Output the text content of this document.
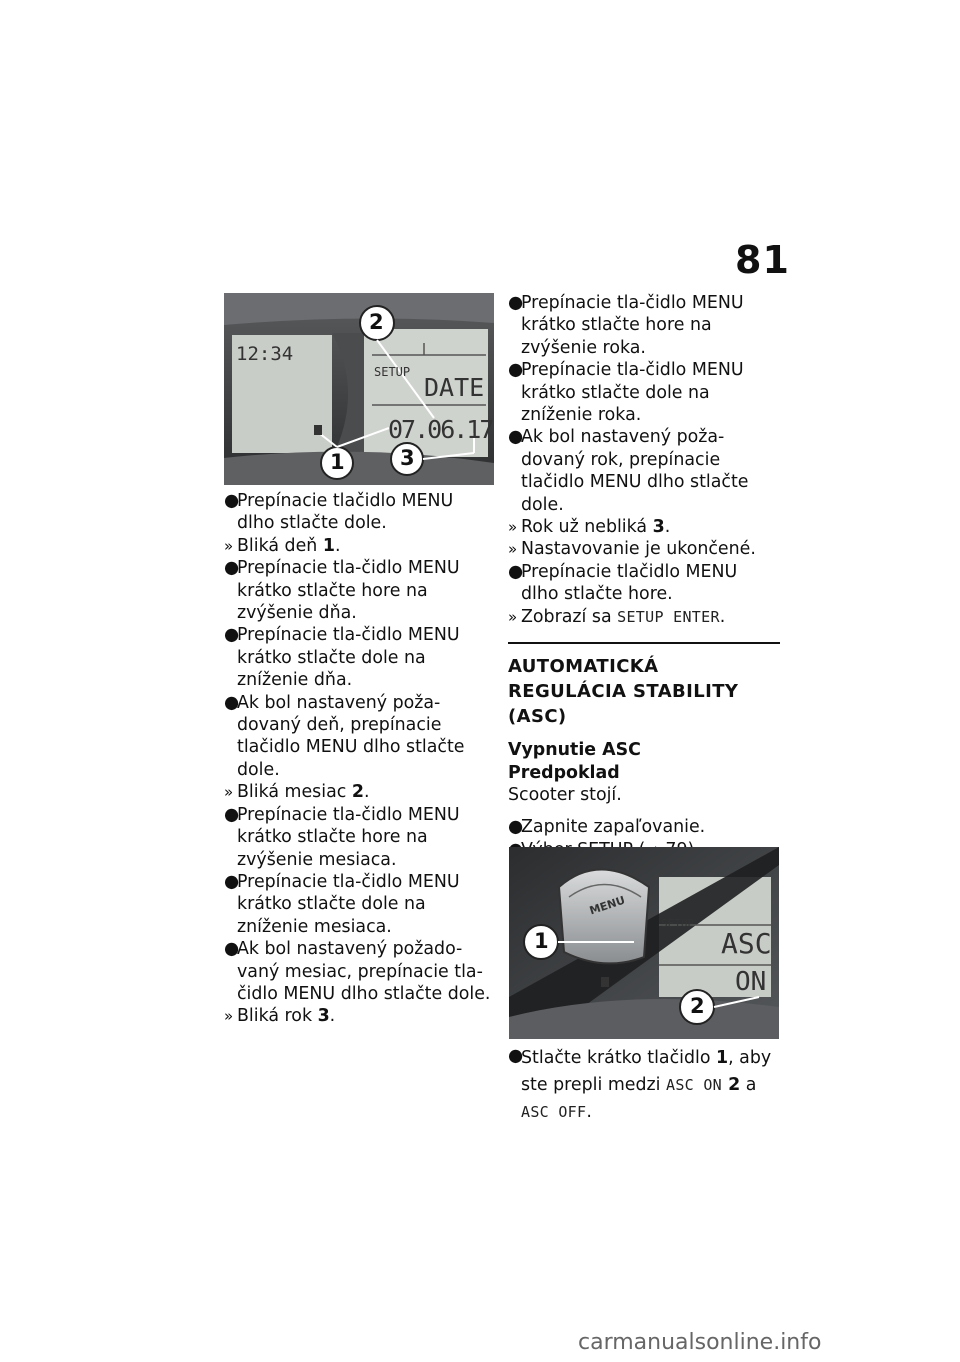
81
12:34
SETUP
DATE
07.06.17
2
1	3
●
Prepínacie tlačidlo MENU dlho stlačte dole.
» Bliká deň 1.
●
Prepínacie tla-čidlo MENU krátko stlačte hore na zvýšenie dňa.
●
Prepínacie tla-čidlo MENU krátko stlačte dole na zníženie dňa.
●
Ak bol nastavený poža-dovaný deň, prepínacie tlačidlo MENU dlho stlačte dole.
» Bliká mesiac 2.
●
Prepínacie tla-čidlo MENU krátko stlačte hore na zvýšenie mesiaca.
●
Prepínacie tla-čidlo MENU krátko stlačte dole na zníženie mesiaca.
●
Ak bol nastavený požado-vaný mesiac, prepínacie tla-čidlo MENU dlho stlačte dole.
» Bliká rok 3.
●
Prepínacie tla-čidlo MENU krátko stlačte hore na zvýšenie roka.
●
Prepínacie tla-čidlo MENU krátko stlačte dole na zníženie roka.
●
Ak bol nastavený poža-dovaný rok, prepínacie tlačidlo MENU dlho stlačte dole.
» Rok už nebliká 3.
» Nastavovanie je ukončené.
●
Prepínacie tlačidlo MENU dlho stlačte hore.
» Zobrazí sa SETUP ENTER.
AUTOMATICKÁ REGULÁCIA STABILITY (ASC)
Vypnutie ASC
Predpoklad
Scooter stojí.
●
Zapnite zapaľovanie.
MENU
SETUP
ASC
ON
1
2
●
Stlačte krátko tlačidlo 1, aby ste prepli medzi ASC ON 2 a ASC OFF.
carmanualsonline.info
